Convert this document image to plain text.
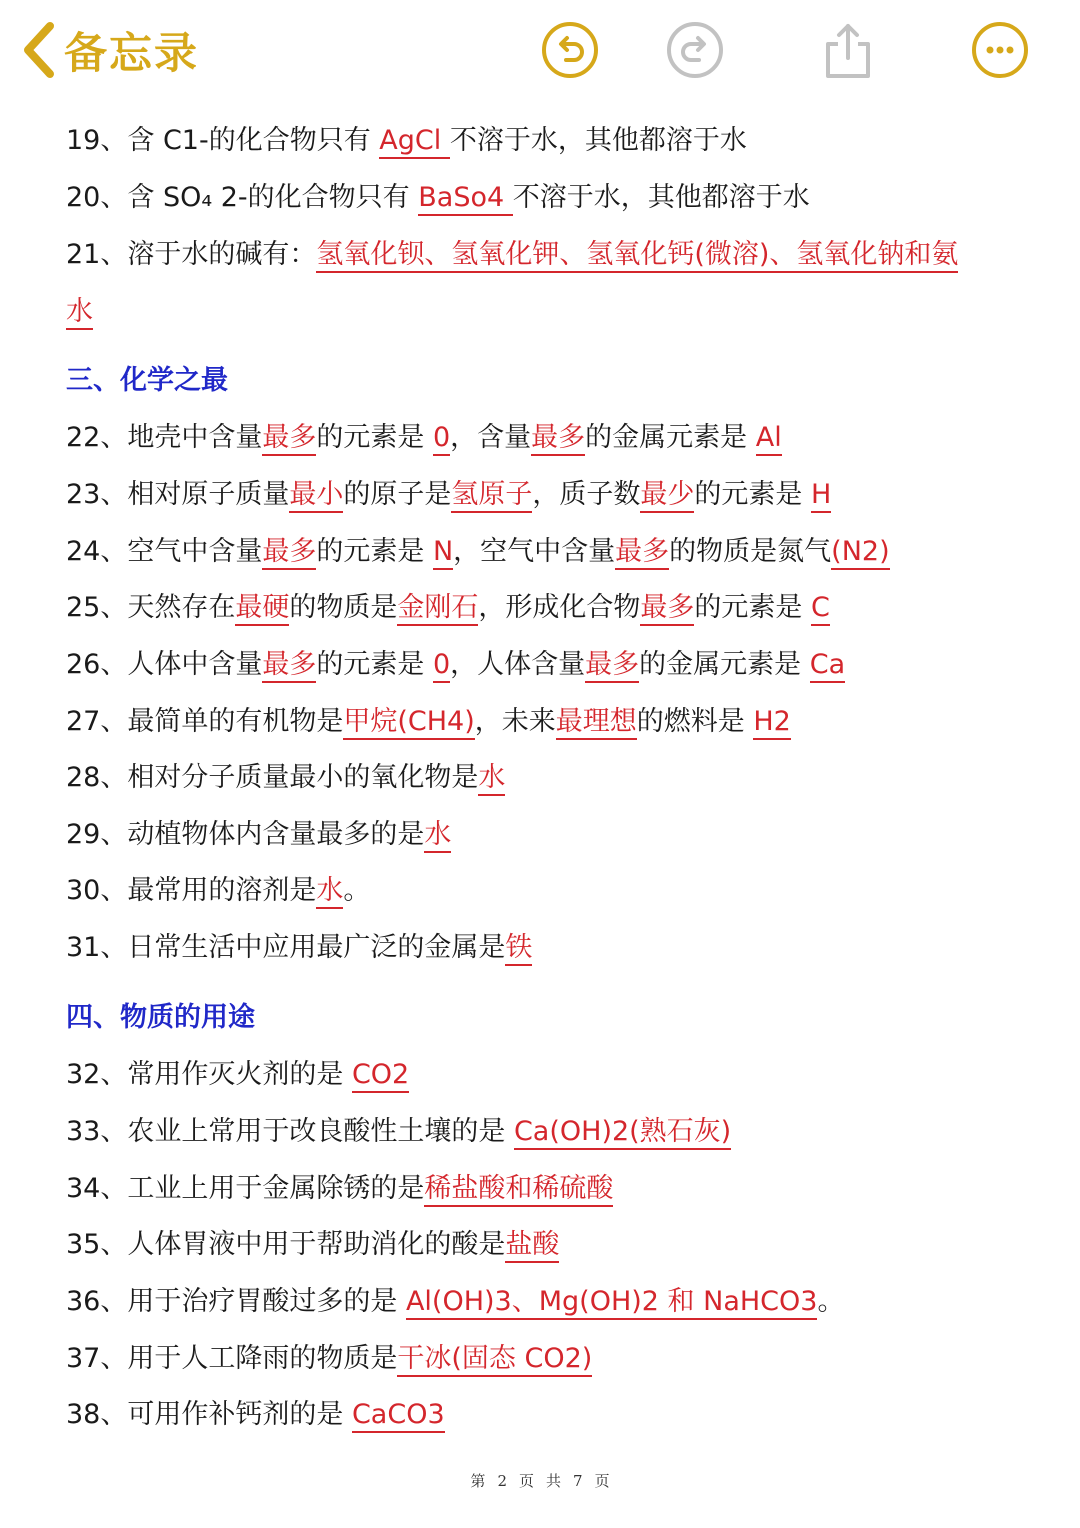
备忘录
19、含 C1-的化合物只有 AgCl 不溶于水，其他都溶于水
20、含 SO₄ 2-的化合物只有 BaSo4 不溶于水，其他都溶于水
21、溶于水的碱有：氢氧化钡、氢氧化钾、氢氧化钙(微溶)、氢氧化钠和氨
水
三、化学之最
22、地壳中含量最多的元素是 0，含量最多的金属元素是 Al
23、相对原子质量最小的原子是氢原子，质子数最少的元素是 H
24、空气中含量最多的元素是 N，空气中含量最多的物质是氮气(N2)
25、天然存在最硬的物质是金刚石，形成化合物最多的元素是 C
26、人体中含量最多的元素是 0，人体含量最多的金属元素是 Ca
27、最简单的有机物是甲烷(CH4)，未来最理想的燃料是 H2
28、相对分子质量最小的氧化物是水
29、动植物体内含量最多的是水
30、最常用的溶剂是水。
31、日常生活中应用最广泛的金属是铁
四、物质的用途
32、常用作灭火剂的是 CO2
33、农业上常用于改良酸性土壤的是 Ca(OH)2(熟石灰)
34、工业上用于金属除锈的是稀盐酸和稀硫酸
35、人体胃液中用于帮助消化的酸是盐酸
36、用于治疗胃酸过多的是 Al(OH)3、Mg(OH)2 和 NaHCO3。
37、用于人工降雨的物质是干冰(固态 CO2)
38、可用作补钙剂的是 CaCO3
第 2 页 共 7 页
